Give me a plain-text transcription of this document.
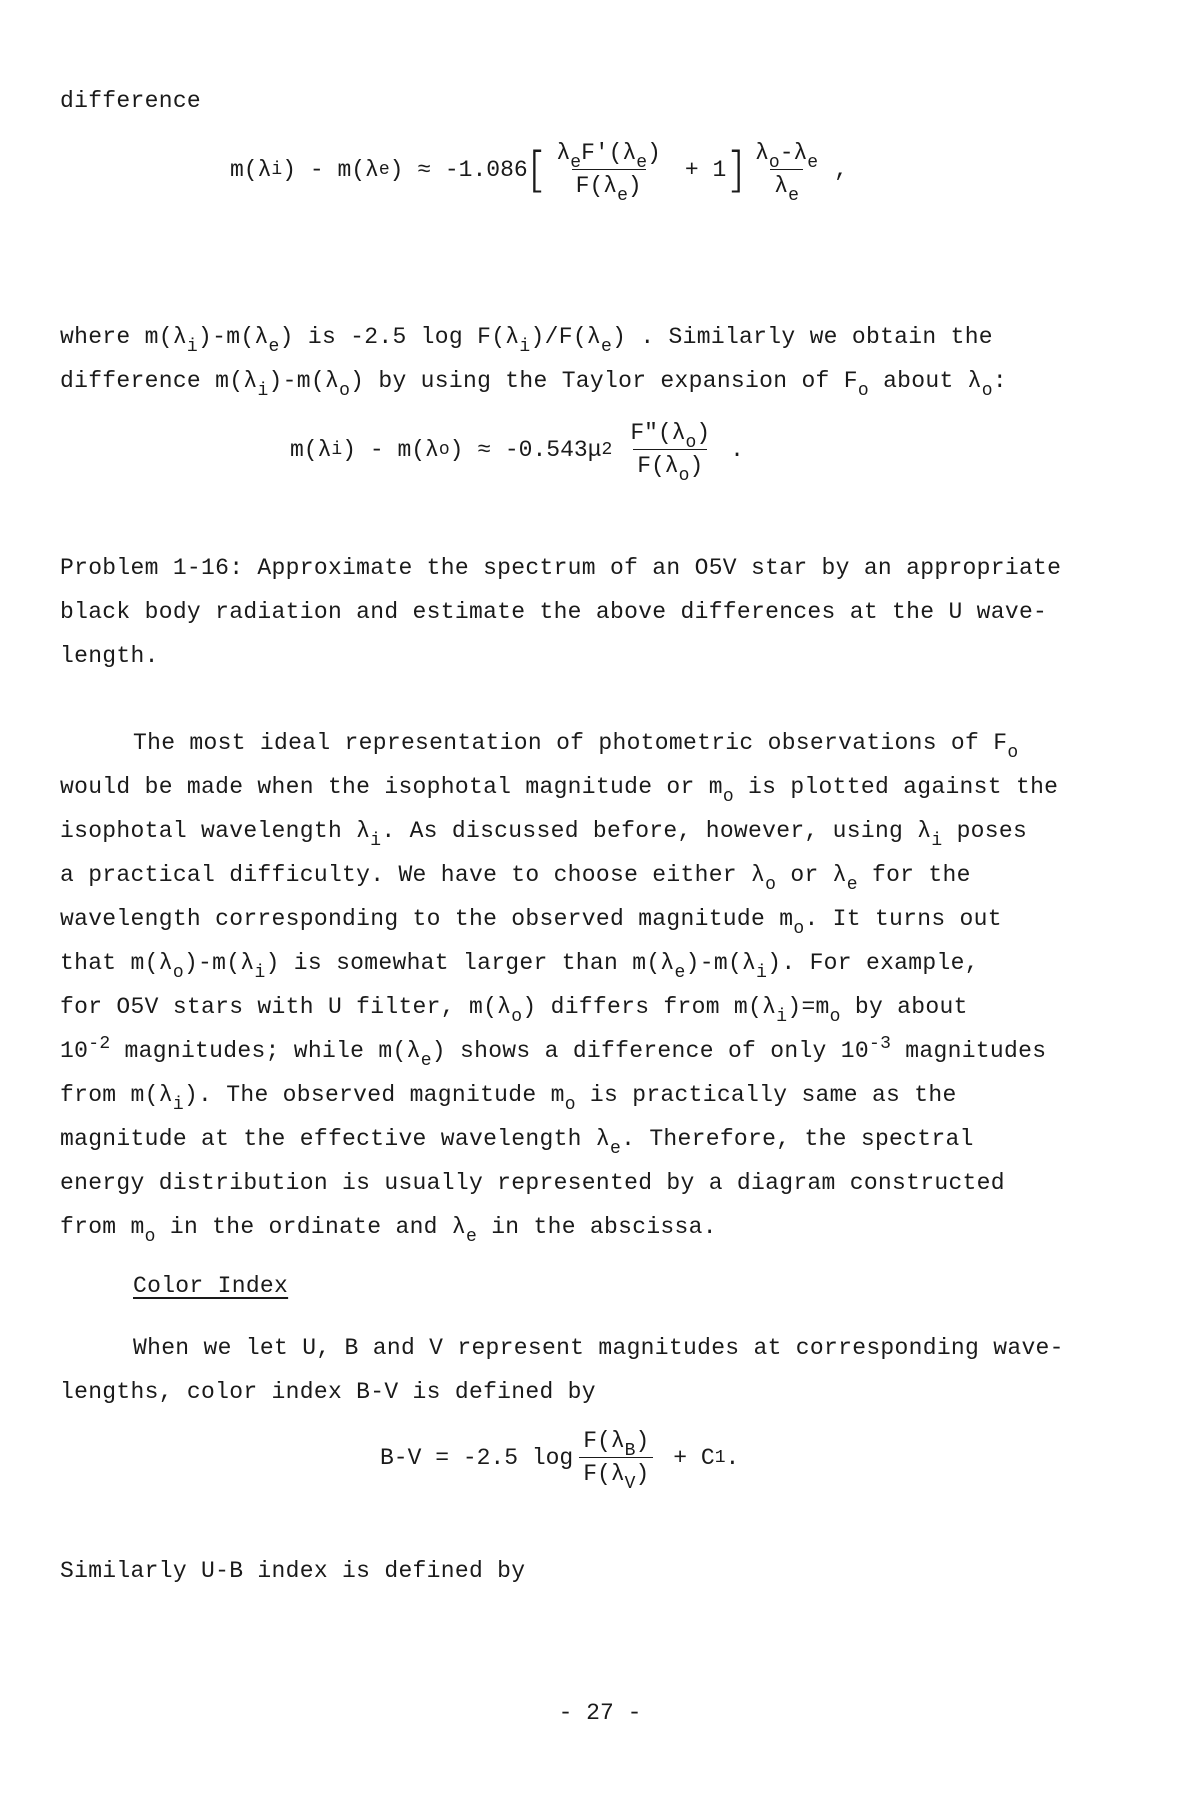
difference
m(λ i ) - m(λ e ) ≈ -1.086 [ $\frac{\lambda_eF'(\lambda_e)}{F(\lambda_e)} + 1$ ] $\frac{\lambda_o-\lambda_e}{\lambda_e}$ ,
where $m(\lambda_i)-m(\lambda_e)$ is -2.5 $\log F(\lambda_i)/F(\lambda_e)$ . Similarly we obtain the
difference $m(\lambda_i)-m(\lambda_o)$ by using the Taylor expansion of $F_o$ about $\lambda_o$:
m(λ i ) - m(λ o ) ≈ -0.543μ $2 \frac{F"(\lambda_o)}{F(\lambda_o)}$ .
Problem 1-16: Approximate the spectrum of an O5V star by an appropriate
black body radiation and estimate the above differences at the U wave-
length.
The most ideal representation of photometric observations of $F_o$
would be made when the isophotal magnitude or $m_o$ is plotted against the
isophotal wavelength $\lambda_i$. As discussed before, however, using $\lambda_i$ poses
a practical difficulty. We have to choose either $\lambda_o$ or $\lambda_e$ for the
wavelength corresponding to the observed magnitude $m_o$. It turns out
that $m(\lambda_o)-m(\lambda_i)$ is somewhat larger than $m(\lambda_e)-m(\lambda_i)$. For example,
for O5V stars with U filter, $m(\lambda_o)$ differs from $m(\lambda_i)=m_o$ by about
$10^{-2}$ magnitudes; while $m(\lambda_e)$ shows a difference of only $10^{-3}$ magnitudes
from $m(\lambda_i)$. The observed magnitude $m_o$ is practically same as the
magnitude at the effective wavelength $\lambda_e$. Therefore, the spectral
energy distribution is usually represented by a diagram constructed
from $m_o$ in the ordinate and $\lambda_e$ in the abscissa.
Color Index
When we let U, B and V represent magnitudes at corresponding wave-
lengths, color index B-V is defined by
B-V = -2.5 $\log \frac{F(\lambda_B)}{F(\lambda_V)} + C$ 1 .
Similarly U-B index is defined by
- 27 -
